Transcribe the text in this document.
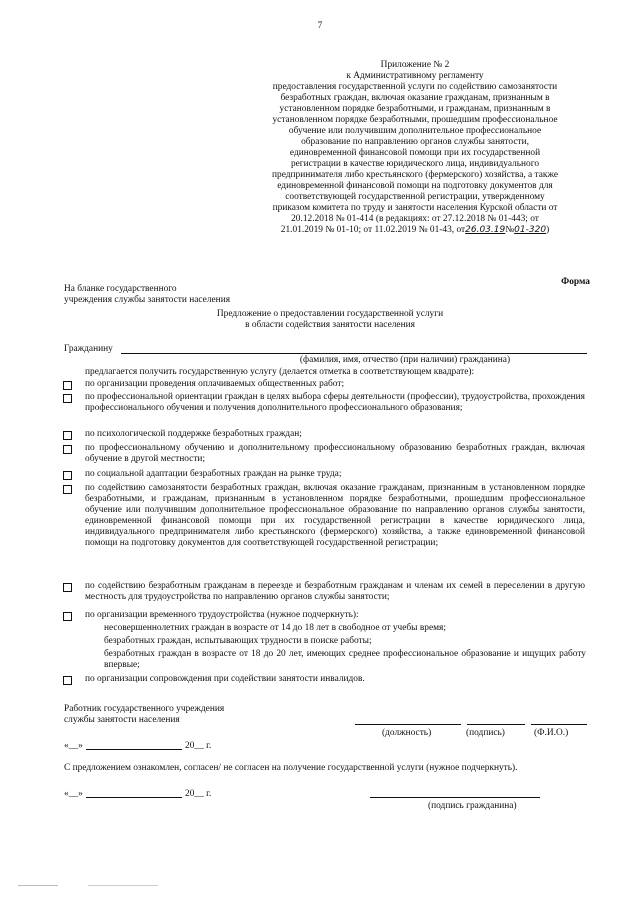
7
Приложение № 2
к Административному регламенту
предоставления государственной услуги по содействию самозанятости
безработных граждан, включая оказание гражданам, признанным в
установленном порядке безработными, и гражданам, признанным в
установленном порядке безработными, прошедшим профессиональное
обучение или получившим дополнительное профессиональное
образование по направлению органов службы занятости,
единовременной финансовой помощи при их государственной
регистрации в качестве юридического лица, индивидуального
предпринимателя либо крестьянского (фермерского) хозяйства, а также
единовременной финансовой помощи на подготовку документов для
соответствующей государственной регистрации, утвержденному
приказом комитета по труду и занятости населения Курской области от
20.12.2018 № 01-414 (в редакциях: от 27.12.2018 № 01-443; от
21.01.2019 № 01-10; от 11.02.2019 № 01-43, от26.03.19№01-320)
Форма
На бланке государственного
учреждения службы занятости населения
Предложение о предоставлении государственной услуги
в области содействия занятости населения
Гражданину
(фамилия, имя, отчество (при наличии) гражданина)
предлагается получить государственную услугу (делается отметка в соответствующем квадрате):
по организации проведения оплачиваемых общественных работ;
по профессиональной ориентации граждан в целях выбора сферы деятельности (профессии), трудоустройства, прохождения профессионального обучения и получения дополнительного профессионального образования;
по психологической поддержке безработных граждан;
по профессиональному обучению и дополнительному профессиональному образованию безработных граждан, включая обучение в другой местности;
по социальной адаптации безработных граждан на рынке труда;
по содействию самозанятости безработных граждан, включая оказание гражданам, признанным в установленном порядке безработными, и гражданам, признанным в установленном порядке безработными, прошедшим профессиональное обучение или получившим дополнительное профессиональное образование по направлению органов службы занятости, единовременной финансовой помощи при их государственной регистрации в качестве юридического лица, индивидуального предпринимателя либо крестьянского (фермерского) хозяйства, а также единовременной финансовой помощи на подготовку документов для соответствующей государственной регистрации;
по содействию безработным гражданам в переезде и безработным гражданам и членам их семей в переселении в другую местность для трудоустройства по направлению органов службы занятости;
по организации временного трудоустройства (нужное подчеркнуть):
несовершеннолетних граждан в возрасте от 14 до 18 лет в свободное от учебы время;
безработных граждан, испытывающих трудности в поиске работы;
безработных граждан в возрасте от 18 до 20 лет, имеющих среднее профессиональное образование и ищущих работу впервые;
по организации сопровождения при содействии занятости инвалидов.
Работник государственного учреждения
службы занятости населения
(должность)	(подпись)	(Ф.И.О.)
«__»	20__ г.
С предложением ознакомлен, согласен/ не согласен на получение государственной услуги (нужное подчеркнуть).
«__»	20__ г.
(подпись гражданина)
